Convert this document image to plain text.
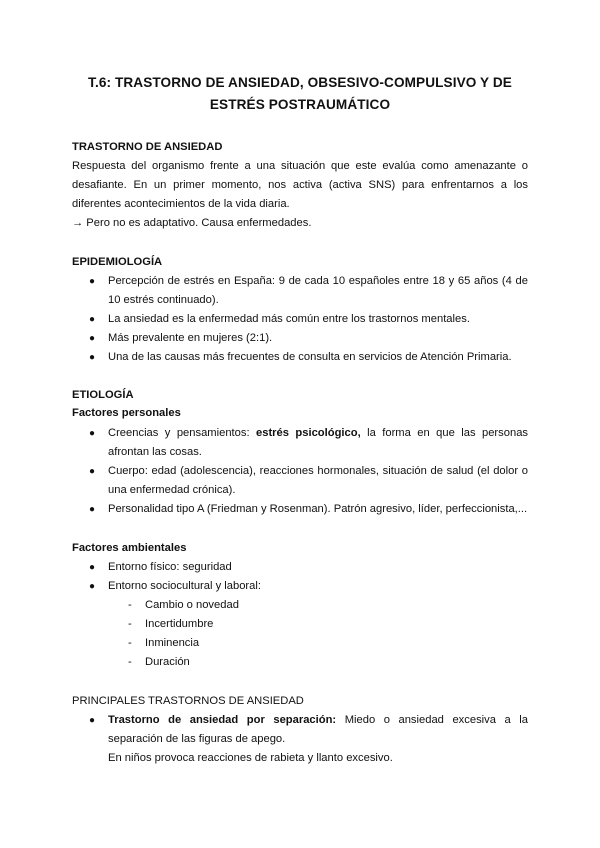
T.6: TRASTORNO DE ANSIEDAD, OBSESIVO-COMPULSIVO Y DE
ESTRÉS POSTRAUMÁTICO
TRASTORNO DE ANSIEDAD
Respuesta del organismo frente a una situación que este evalúa como amenazante o
desafiante. En un primer momento, nos activa (activa SNS) para enfrentarnos a los
diferentes acontecimientos de la vida diaria.
→ Pero no es adaptativo. Causa enfermedades.
EPIDEMIOLOGÍA
● Percepción de estrés en España: 9 de cada 10 españoles entre 18 y 65 años (4 de
10 estrés continuado).
● La ansiedad es la enfermedad más común entre los trastornos mentales.
● Más prevalente en mujeres (2:1).
● Una de las causas más frecuentes de consulta en servicios de Atención Primaria.
ETIOLOGÍA
Factores personales
● Creencias y pensamientos: estrés psicológico, la forma en que las personas
afrontan las cosas.
● Cuerpo: edad (adolescencia), reacciones hormonales, situación de salud (el dolor o
una enfermedad crónica).
● Personalidad tipo A (Friedman y Rosenman). Patrón agresivo, líder, perfeccionista,...
Factores ambientales
● Entorno físico: seguridad
● Entorno sociocultural y laboral:
- Cambio o novedad
- Incertidumbre
- Inminencia
- Duración
PRINCIPALES TRASTORNOS DE ANSIEDAD
● Trastorno de ansiedad por separación: Miedo o ansiedad excesiva a la
separación de las figuras de apego.
En niños provoca reacciones de rabieta y llanto excesivo.
